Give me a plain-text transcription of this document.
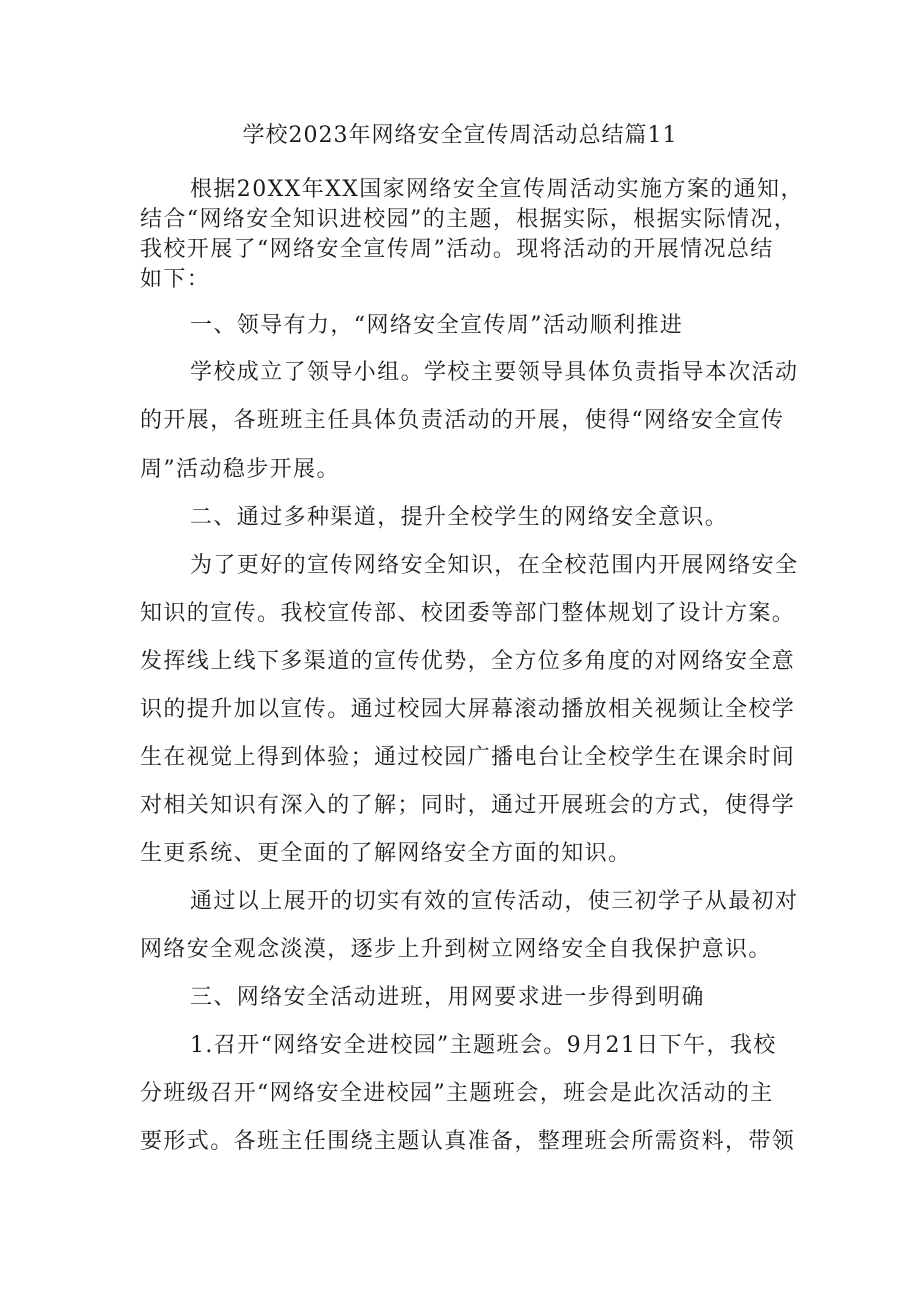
学校2023年网络安全宣传周活动总结篇11
根据20XX年XX国家网络安全宣传周活动实施方案的通知，
结合“网络安全知识进校园”的主题，根据实际，根据实际情况，
我校开展了“网络安全宣传周”活动。现将活动的开展情况总结
如下：
一、领导有力，“网络安全宣传周”活动顺利推进
学校成立了领导小组。学校主要领导具体负责指导本次活动
的开展，各班班主任具体负责活动的开展，使得“网络安全宣传
周”活动稳步开展。
二、通过多种渠道，提升全校学生的网络安全意识。
为了更好的宣传网络安全知识，在全校范围内开展网络安全
知识的宣传。我校宣传部、校团委等部门整体规划了设计方案。
发挥线上线下多渠道的宣传优势，全方位多角度的对网络安全意
识的提升加以宣传。通过校园大屏幕滚动播放相关视频让全校学
生在视觉上得到体验；通过校园广播电台让全校学生在课余时间
对相关知识有深入的了解；同时，通过开展班会的方式，使得学
生更系统、更全面的了解网络安全方面的知识。
通过以上展开的切实有效的宣传活动，使三初学子从最初对
网络安全观念淡漠，逐步上升到树立网络安全自我保护意识。
三、网络安全活动进班，用网要求进一步得到明确
1.召开“网络安全进校园”主题班会。9月21日下午，我校
分班级召开“网络安全进校园”主题班会，班会是此次活动的主
要形式。各班主任围绕主题认真准备，整理班会所需资料，带领
